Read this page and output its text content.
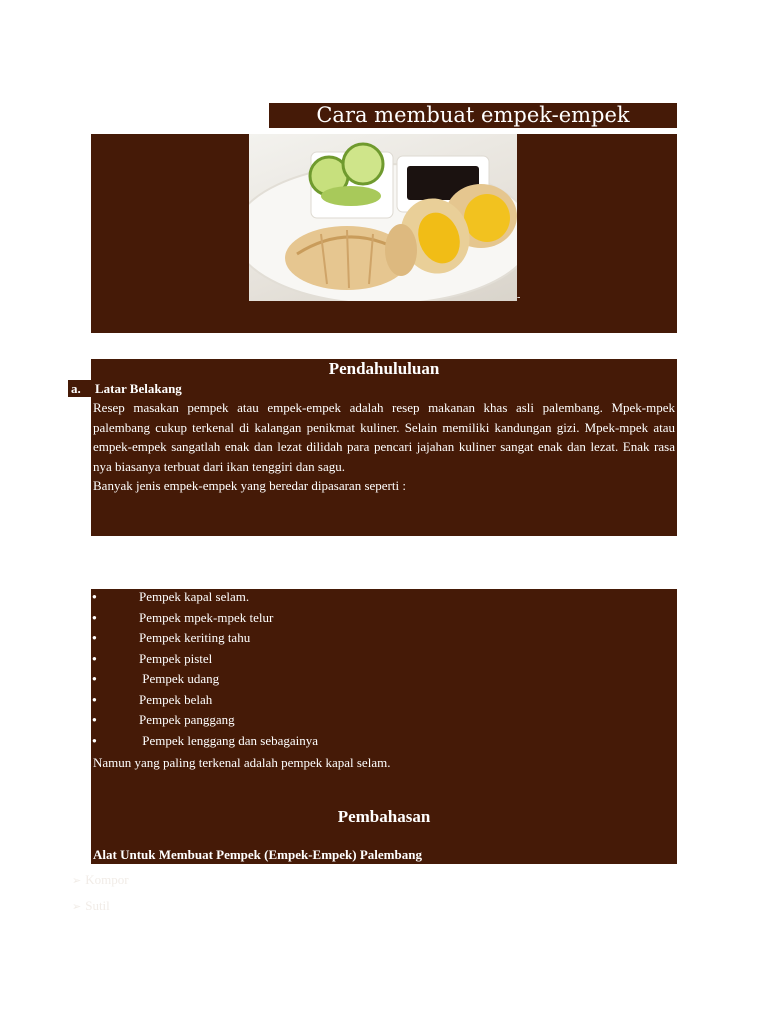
Cara membuat empek-empek
-
Pendahululuan
a.	Latar Belakang

Resep masakan pempek atau empek-empek adalah resep makanan khas asli palembang. Mpek-mpek palembang cukup terkenal di kalangan penikmat kuliner. Selain memiliki kandungan gizi. Mpek-mpek atau empek-empek sangatlah enak dan lezat dilidah para pencari jajahan kuliner sangat enak dan lezat. Enak rasa nya biasanya terbuat dari ikan tenggiri dan sagu.

Banyak jenis empek-empek yang beredar dipasaran seperti :

●	Pempek kapal selam.
●	Pempek mpek-mpek telur
●	Pempek keriting tahu
●	Pempek pistel
●	Pempek udang
●	Pempek belah
●	Pempek panggang
●	Pempek lenggang dan sebagainya
Namun yang paling terkenal adalah pempek kapal selam.
Pembahasan
Alat Untuk Membuat Pempek (Empek-Empek) Palembang
➢ Kompor
➢ Sutil
